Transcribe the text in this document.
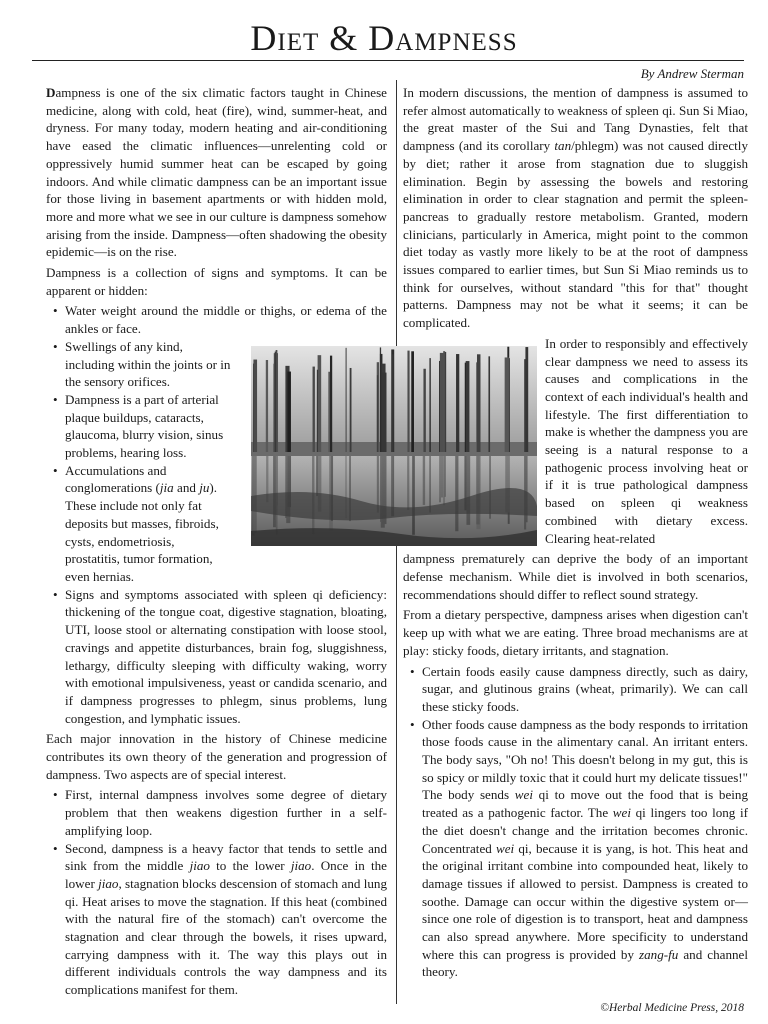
Diet & Dampness
By Andrew Sterman

Dampness is one of the six climatic factors taught in Chinese medicine, along with cold, heat (fire), wind, summer-heat, and dryness. For many today, modern heating and air-conditioning have eased the climatic influences—unrelenting cold or oppressively humid summer heat can be escaped by going indoors. And while climatic dampness can be an important issue for those living in basement apartments or with hidden mold, more and more what we see in our culture is dampness somehow arising from the inside. Dampness—often shadowing the obesity epidemic—is on the rise.

Dampness is a collection of signs and symptoms. It can be apparent or hidden:

• Water weight around the middle or thighs, or edema of the ankles or face.
• Swellings of any kind, including within the joints or in the sensory orifices.
• Dampness is a part of arterial plaque buildups, cataracts, glaucoma, blurry vision, sinus problems, hearing loss.
• Accumulations and conglomerations (jia and ju). These include not only fat deposits but masses, fibroids, cysts, endometriosis, prostatitis, tumor formation, even hernias.
• Signs and symptoms associated with spleen qi deficiency: thickening of the tongue coat, digestive stagnation, bloating, UTI, loose stool or alternating constipation with loose stool, cravings and appetite disturbances, brain fog, sluggishness, lethargy, difficulty sleeping with difficulty waking, worry with emotional impulsiveness, yeast or candida scenario, and if dampness progresses to phlegm, sinus problems, lung congestion, and lymphatic issues.

Each major innovation in the history of Chinese medicine contributes its own theory of the generation and progression of dampness. Two aspects are of special interest.

• First, internal dampness involves some degree of dietary problem that then weakens digestion further in a self-amplifying loop.
• Second, dampness is a heavy factor that tends to settle and sink from the middle jiao to the lower jiao. Once in the lower jiao, stagnation blocks descension of stomach and lung qi. Heat arises to move the stagnation. If this heat (combined with the natural fire of the stomach) can't overcome the stagnation and clear through the bowels, it rises upward, carrying dampness with it. The way this plays out in different individuals controls the way dampness and its complications manifest for them.

In modern discussions, the mention of dampness is assumed to refer almost automatically to weakness of spleen qi. Sun Si Miao, the great master of the Sui and Tang Dynasties, felt that dampness (and its corollary tan/phlegm) was not caused directly by diet; rather it arose from stagnation due to sluggish elimination. Begin by assessing the bowels and restoring elimination in order to clear stagnation and permit the spleen-pancreas to gradually restore metabolism. Granted, modern clinicians, particularly in America, might point to the common diet today as vastly more likely to be at the root of dampness issues compared to earlier times, but Sun Si Miao reminds us to think for ourselves, without standard "this for that" thought patterns. Dampness may not be what it seems; it can be complicated.

In order to responsibly and effectively clear dampness we need to assess its causes and complications in the context of each individual's health and lifestyle. The first differentiation to make is whether the dampness you are seeing is a natural response to a pathogenic process involving heat or if it is true pathological dampness based on spleen qi weakness combined with dietary excess. Clearing heat-related

dampness prematurely can deprive the body of an important defense mechanism. While diet is involved in both scenarios, recommendations should differ to reflect sound strategy.

From a dietary perspective, dampness arises when digestion can't keep up with what we are eating. Three broad mechanisms are at play: sticky foods, dietary irritants, and stagnation.

• Certain foods easily cause dampness directly, such as dairy, sugar, and glutinous grains (wheat, primarily). We can call these sticky foods.
• Other foods cause dampness as the body responds to irritation those foods cause in the alimentary canal. An irritant enters. The body says, "Oh no! This doesn't belong in my gut, this is so spicy or mildly toxic that it could hurt my delicate tissues!" The body sends wei qi to move out the food that is being treated as a pathogenic factor. The wei qi lingers too long if the diet doesn't change and the irritation becomes chronic. Concentrated wei qi, because it is yang, is hot. This heat and the original irritant combine into compounded heat, likely to damage tissues if allowed to persist. Dampness is created to soothe. Damage can occur within the digestive system or—since one role of digestion is to transport, heat and dampness can also spread anywhere. More specificity to understand where this can progress is provided by zang-fu and channel theory.
©Herbal Medicine Press, 2018
